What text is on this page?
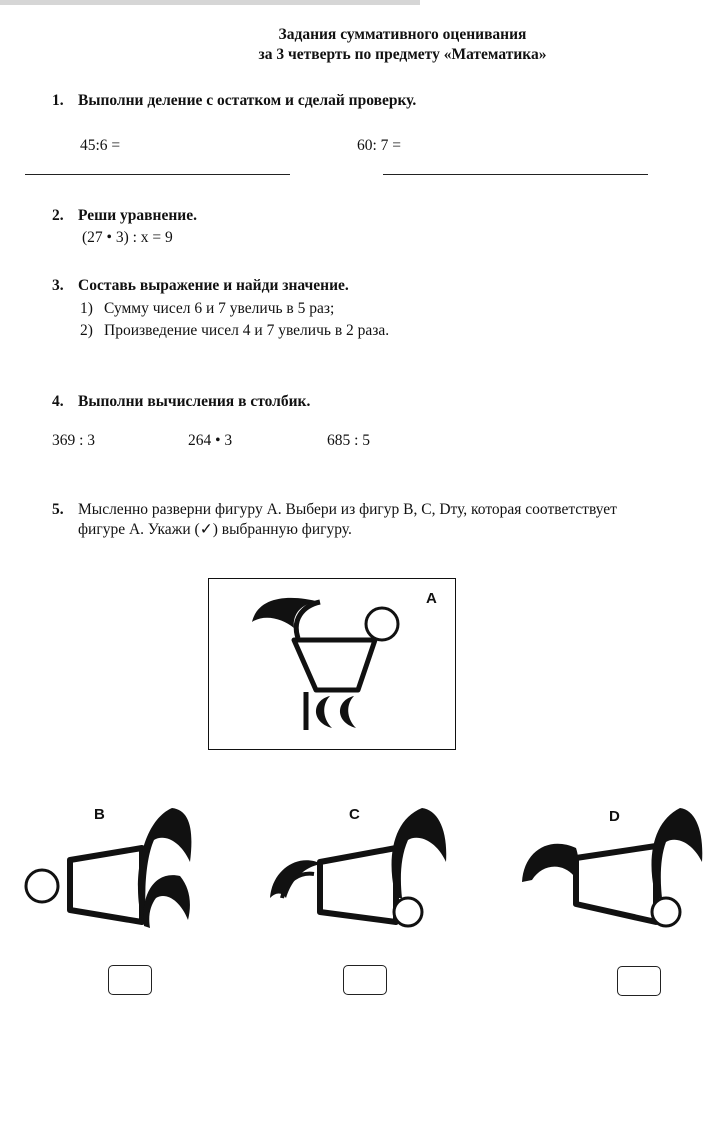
Задания суммативного оценивания
за 3 четверть по предмету «Математика»
1. Выполни деление с остатком и сделай проверку.
45:6 =	60: 7 =
2. Реши уравнение.
(27 • 3) : x = 9
3. Составь выражение и найди значение.
1) Сумму чисел 6 и 7 увеличь в 5 раз;
2) Произведение чисел 4 и 7 увеличь в 2 раза.
4. Выполни вычисления в столбик.
369 : 3	264 • 3	685 : 5
5. Мысленно разверни фигуру A. Выбери из фигур B, C, Dту, которая соответствует
фигуре A. Укажи (✓) выбранную фигуру.
A
B	C	D
